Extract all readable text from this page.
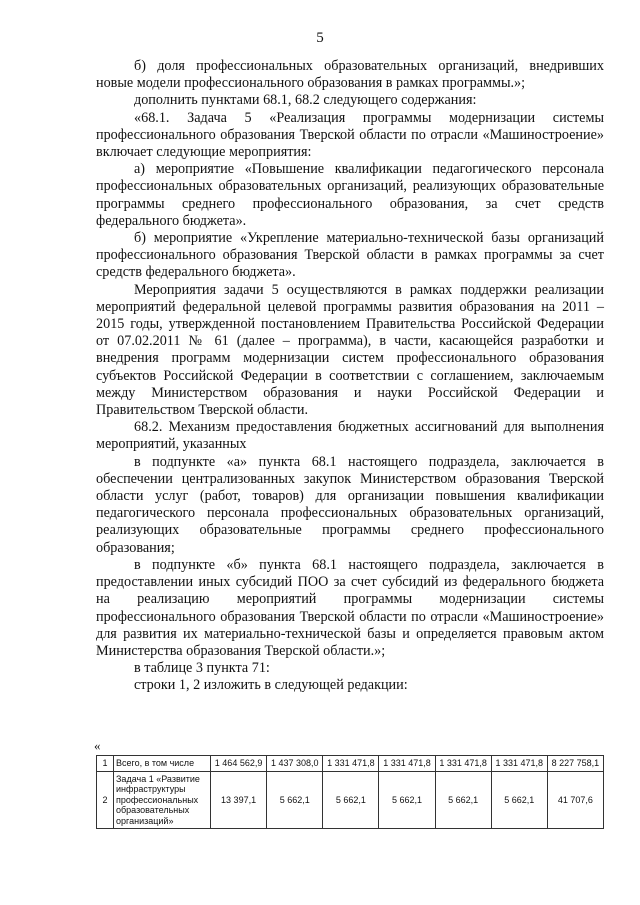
5

б) доля профессиональных образовательных организаций, внедривших новые модели профессионального образования в рамках программы.»;

дополнить пунктами 68.1, 68.2 следующего содержания:

«68.1. Задача 5 «Реализация программы модернизации системы профессионального образования Тверской области по отрасли «Машиностроение» включает следующие мероприятия:

а) мероприятие «Повышение квалификации педагогического персонала профессиональных образовательных организаций, реализующих образовательные программы среднего профессионального образования, за счет средств федерального бюджета».

б) мероприятие «Укрепление материально-технической базы организаций профессионального образования Тверской области в рамках программы за счет средств федерального бюджета».

Мероприятия задачи 5 осуществляются в рамках поддержки реализации мероприятий федеральной целевой программы развития образования на 2011 – 2015 годы, утвержденной постановлением Правительства Российской Федерации от 07.02.2011 № 61 (далее – программа), в части, касающейся разработки и внедрения программ модернизации систем профессионального образования субъектов Российской Федерации в соответствии с соглашением, заключаемым между Министерством образования и науки Российской Федерации и Правительством Тверской области.

68.2. Механизм предоставления бюджетных ассигнований для выполнения мероприятий, указанных

в подпункте «а» пункта 68.1 настоящего подраздела, заключается в обеспечении централизованных закупок Министерством образования Тверской области услуг (работ, товаров) для организации повышения квалификации педагогического персонала профессиональных образовательных организаций, реализующих образовательные программы среднего профессионального образования;

в подпункте «б» пункта 68.1 настоящего подраздела, заключается в предоставлении иных субсидий ПОО за счет субсидий из федерального бюджета на реализацию мероприятий программы модернизации системы профессионального образования Тверской области по отрасли «Машиностроение» для развития их материально-технической базы и определяется правовым актом Министерства образования Тверской области.»;

в таблице 3 пункта 71:

строки 1, 2 изложить в следующей редакции:

«
1	Всего, в том числе	1 464 562,9	1 437 308,0	1 331 471,8	1 331 471,8	1 331 471,8	1 331 471,8	8 227 758,1
2	Задача 1 «Развитие инфраструктуры профессиональных образовательных организаций»	13 397,1	5 662,1	5 662,1	5 662,1	5 662,1	5 662,1	41 707,6
